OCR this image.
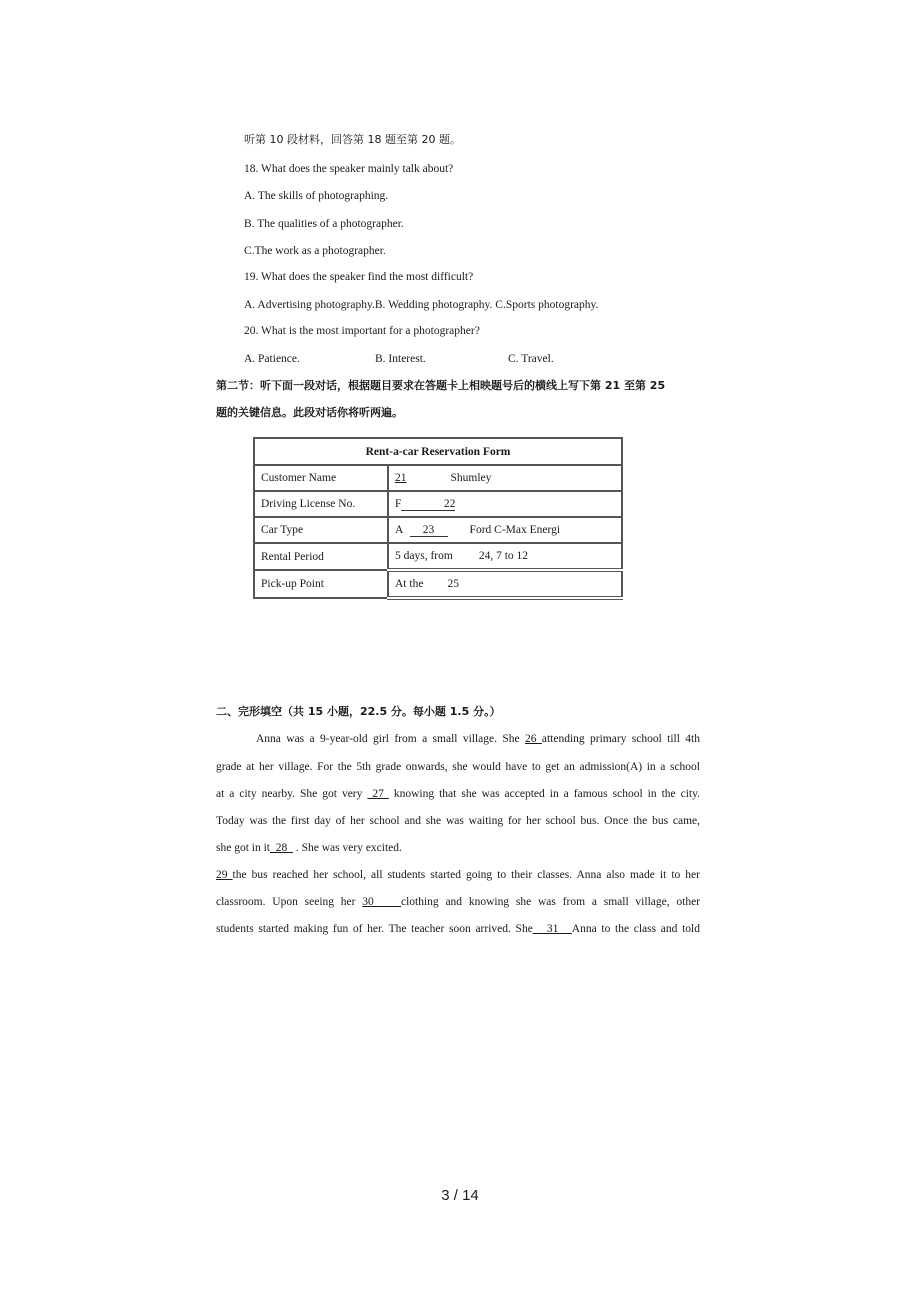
听第 10 段材料，回答第 18 题至第 20 题。
18. What does the speaker mainly talk about?
A. The skills of photographing.
B. The qualities of a photographer.
C.The work as a photographer.
19. What does the speaker find the most difficult?
A. Advertising photography.B. Wedding photography. C.Sports photography.
20. What is the most important for a photographer?
A. Patience.	B. Interest.	C. Travel.
第二节：听下面一段对话，根据题目要求在答题卡上相映题号后的横线上写下第 21 至第 25
题的关键信息。此段对话你将听两遍。
Rent-a-car Reservation Form	
Customer Name	21 Shumley
Driving License No.	F 22
Car Type	A 23 Ford C-Max Energi
Rental Period	5 days, from 24, 7 to 12
Pick-up Point	At the 25
二、完形填空（共 15 小题，22.5 分。每小题 1.5 分。）
Anna was a 9-year-old girl from a small village. She 26 attending primary school till 4th
grade at her village. For the 5th grade onwards, she would have to get an admission(A) in a school
at a city nearby. She got very  27  knowing that she was accepted in a famous school in the city.
Today was the first day of her school and she was waiting for her school bus. Once the bus came,
she got in it  28   . She was very excited.
29 the bus reached her school, all students started going to their classes. Anna also made it to her
classroom. Upon seeing her 30    clothing and knowing she was from a small village, other
students started making fun of her. The teacher soon arrived. She   31   Anna to the class and told
3 / 14
